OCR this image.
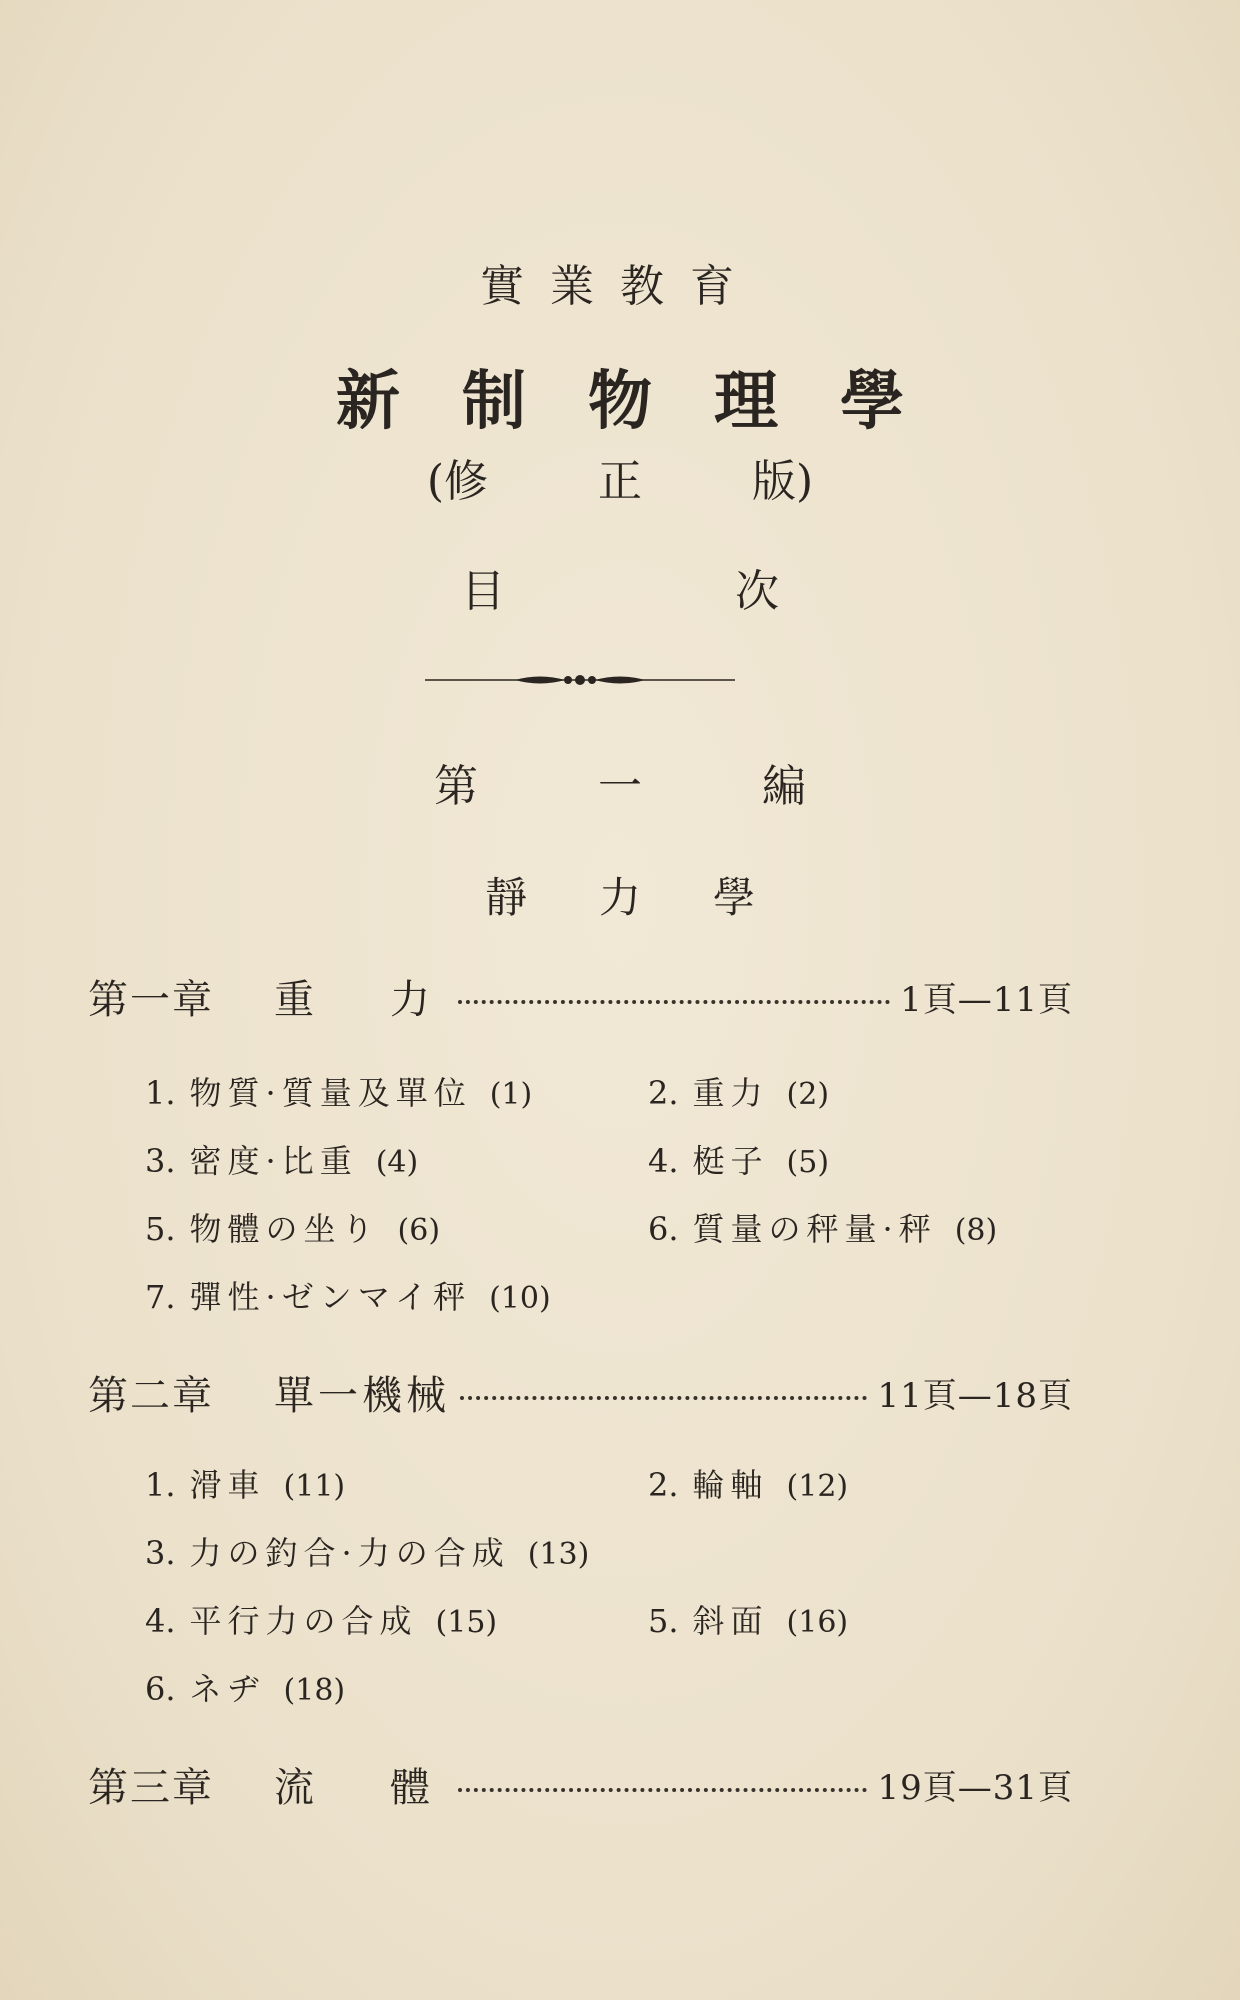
實業教育
新制物理學
(修	正	版)
目	次
第	一	編
靜 力 學
第一章 重　力	1頁—11頁
1. 物質·質量及單位 (1)	2. 重力 (2)
3. 密度·比重 (4)	4. 梃子 (5)
5. 物體の坐り (6)	6. 質量の秤量·秤 (8)
7. 彈性·ゼンマイ秤 (10)
第二章 單一機械	11頁—18頁
1. 滑車 (11)	2. 輪軸 (12)
3. 力の釣合·力の合成 (13)
4. 平行力の合成 (15)	5. 斜面 (16)
6. ネヂ (18)
第三章 流　體	19頁—31頁
